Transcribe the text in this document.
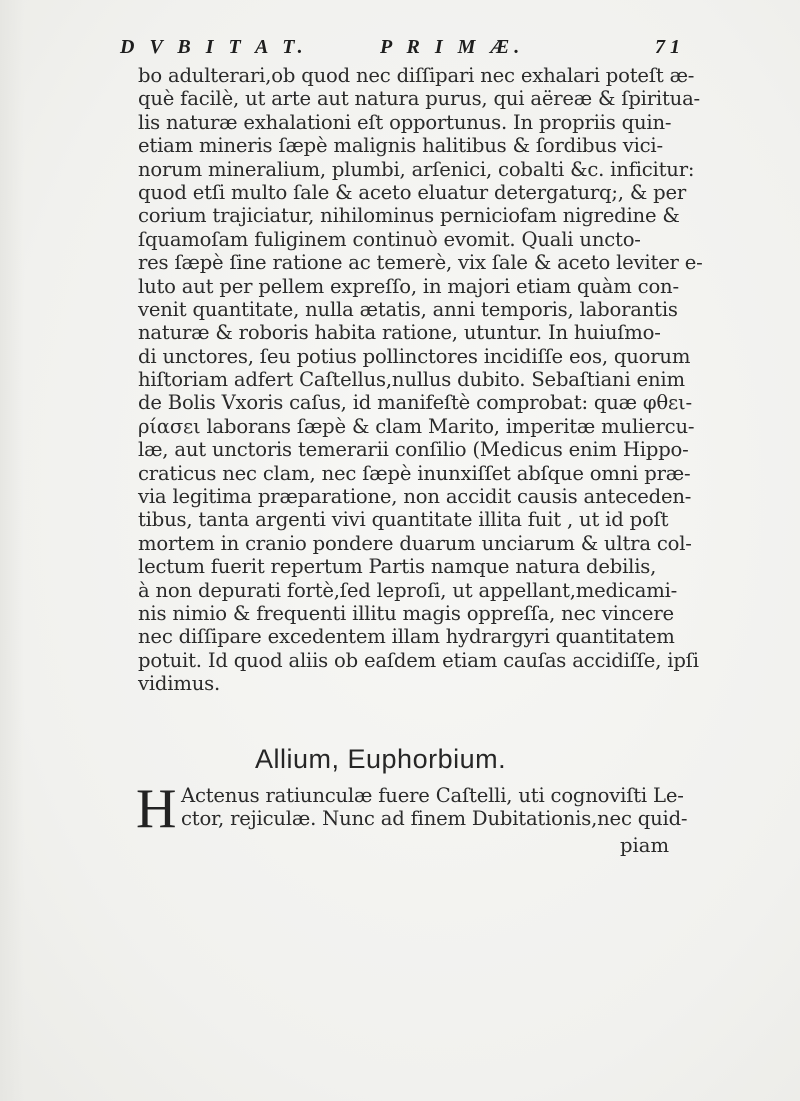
D V B I T A T.	P R I M Æ.	71
bo adulterari,ob quod nec diſſipari nec exhalari poteſt æ-
què facilè, ut arte aut natura purus, qui aëreæ & ſpiritua-
lis naturæ exhalationi eſt opportunus. In propriis quin-
etiam mineris ſæpè malignis halitibus & ſordibus vici-
norum mineralium, plumbi, arſenici, cobalti &c. inficitur:
quod etſi multo ſale & aceto eluatur detergaturq;, & per
corium trajiciatur, nihilominus perniciofam nigredine &
ſquamoſam fuliginem continuò evomit. Quali uncto-
res ſæpè ſine ratione ac temerè, vix ſale & aceto leviter e-
luto aut per pellem expreſſo, in majori etiam quàm con-
venit quantitate, nulla ætatis, anni temporis, laborantis
naturæ & roboris habita ratione, utuntur. In huiuſmo-
di unctores, ſeu potius pollinctores incidiſſe eos, quorum
hiſtoriam adfert Caſtellus,nullus dubito. Sebaſtiani enim
de Bolis Vxoris caſus, id manifeſtè comprobat: quæ φθει-
ρίασει laborans ſæpè & clam Marito, imperitæ muliercu-
læ, aut unctoris temerarii conſilio (Medicus enim Hippo-
craticus nec clam, nec ſæpè inunxiſſet abſque omni præ-
via legitima præparatione, non accidit causis anteceden-
tibus, tanta argenti vivi quantitate illita fuit , ut id poſt
mortem in cranio pondere duarum unciarum & ultra col-
lectum fuerit repertum Partis namque natura debilis,
à non depurati fortè,ſed leproſi, ut appellant,medicami-
nis nimio & frequenti illitu magis oppreſſa, nec vincere
nec diſſipare excedentem illam hydrargyri quantitatem
potuit. Id quod aliis ob eaſdem etiam cauſas accidiſſe, ipſi
vidimus.
Allium, Euphorbium.
H Actenus ratiunculæ fuere Caſtelli, uti cognoviſti Le-
ctor, rejiculæ. Nunc ad finem Dubitationis,nec quid-
piam
